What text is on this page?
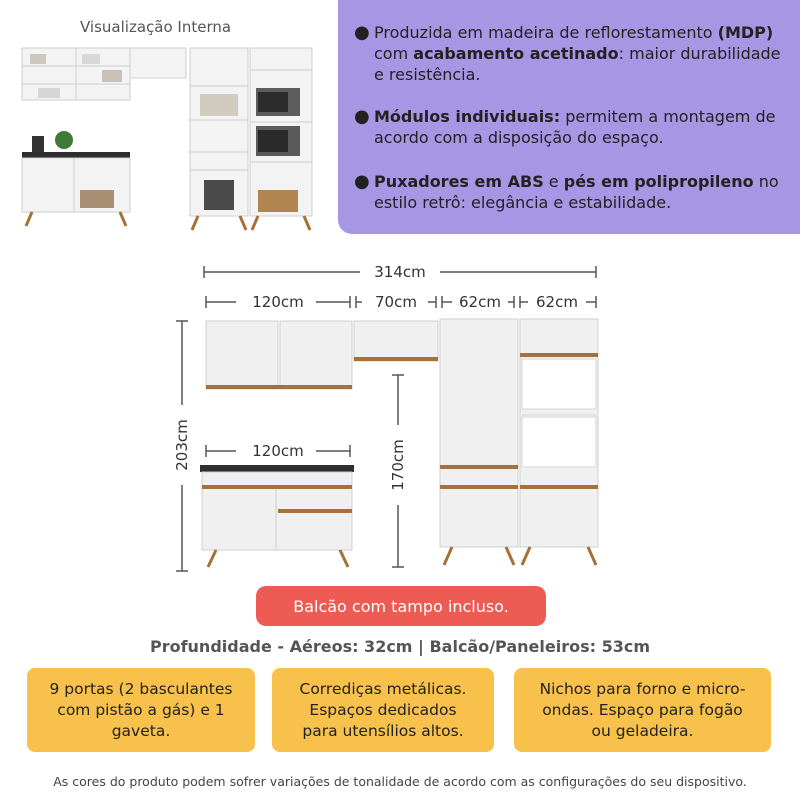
Visualização Interna	● Produzida em madeira de reflorestamento (MDP) com acabamento acetinado: maior durabilidade e resistência.
● Módulos individuais: permitem a montagem de acordo com a disposição do espaço.
● Puxadores em ABS e pés em polipropileno no estilo retrô: elegância e estabilidade.
314cm
120cm	70cm	62cm 62cm
120cm
203cm	170cm
Balcão com tampo incluso.
Profundidade - Aéreos: 32cm | Balcão/Paneleiros: 53cm
9 portas (2 basculantes
com pistão a gás) e 1
gaveta.
Corrediças metálicas.
Espaços dedicados
para utensílios altos.
Nichos para forno e micro-
ondas. Espaço para fogão
ou geladeira.
As cores do produto podem sofrer variações de tonalidade de acordo com as configurações do seu dispositivo.
